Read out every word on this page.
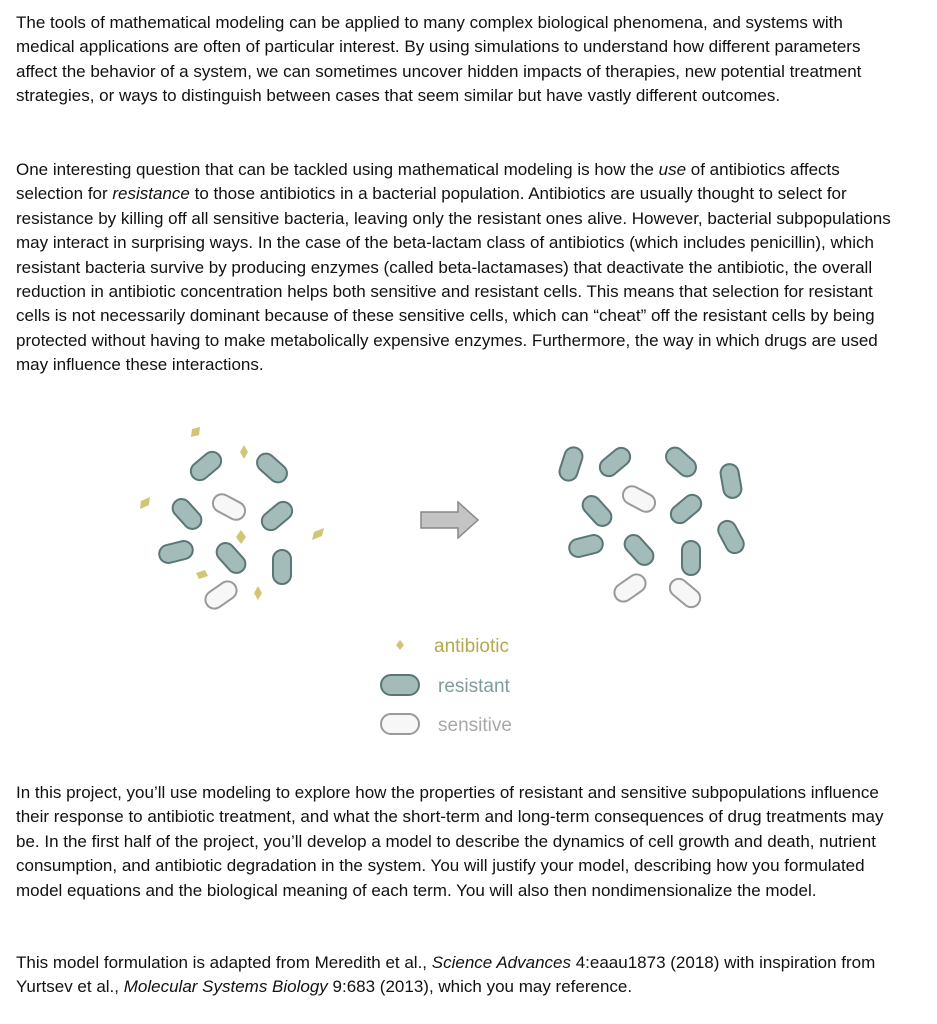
The tools of mathematical modeling can be applied to many complex biological phenomena, and systems with medical applications are often of particular interest. By using simulations to understand how different parameters affect the behavior of a system, we can sometimes uncover hidden impacts of therapies, new potential treatment strategies, or ways to distinguish between cases that seem similar but have vastly different outcomes.

One interesting question that can be tackled using mathematical modeling is how the use of antibiotics affects selection for resistance to those antibiotics in a bacterial population. Antibiotics are usually thought to select for resistance by killing off all sensitive bacteria, leaving only the resistant ones alive. However, bacterial subpopulations may interact in surprising ways. In the case of the beta-lactam class of antibiotics (which includes penicillin), which resistant bacteria survive by producing enzymes (called beta-lactamases) that deactivate the antibiotic, the overall reduction in antibiotic concentration helps both sensitive and resistant cells. This means that selection for resistant cells is not necessarily dominant because of these sensitive cells, which can “cheat” off the resistant cells by being protected without having to make metabolically expensive enzymes. Furthermore, the way in which drugs are used may influence these interactions.

antibiotic
resistant
sensitive

In this project, you’ll use modeling to explore how the properties of resistant and sensitive subpopulations influence their response to antibiotic treatment, and what the short-term and long-term consequences of drug treatments may be. In the first half of the project, you’ll develop a model to describe the dynamics of cell growth and death, nutrient consumption, and antibiotic degradation in the system. You will justify your model, describing how you formulated model equations and the biological meaning of each term. You will also then nondimensionalize the model.

This model formulation is adapted from Meredith et al., Science Advances 4:eaau1873 (2018) with inspiration from Yurtsev et al., Molecular Systems Biology 9:683 (2013), which you may reference.
